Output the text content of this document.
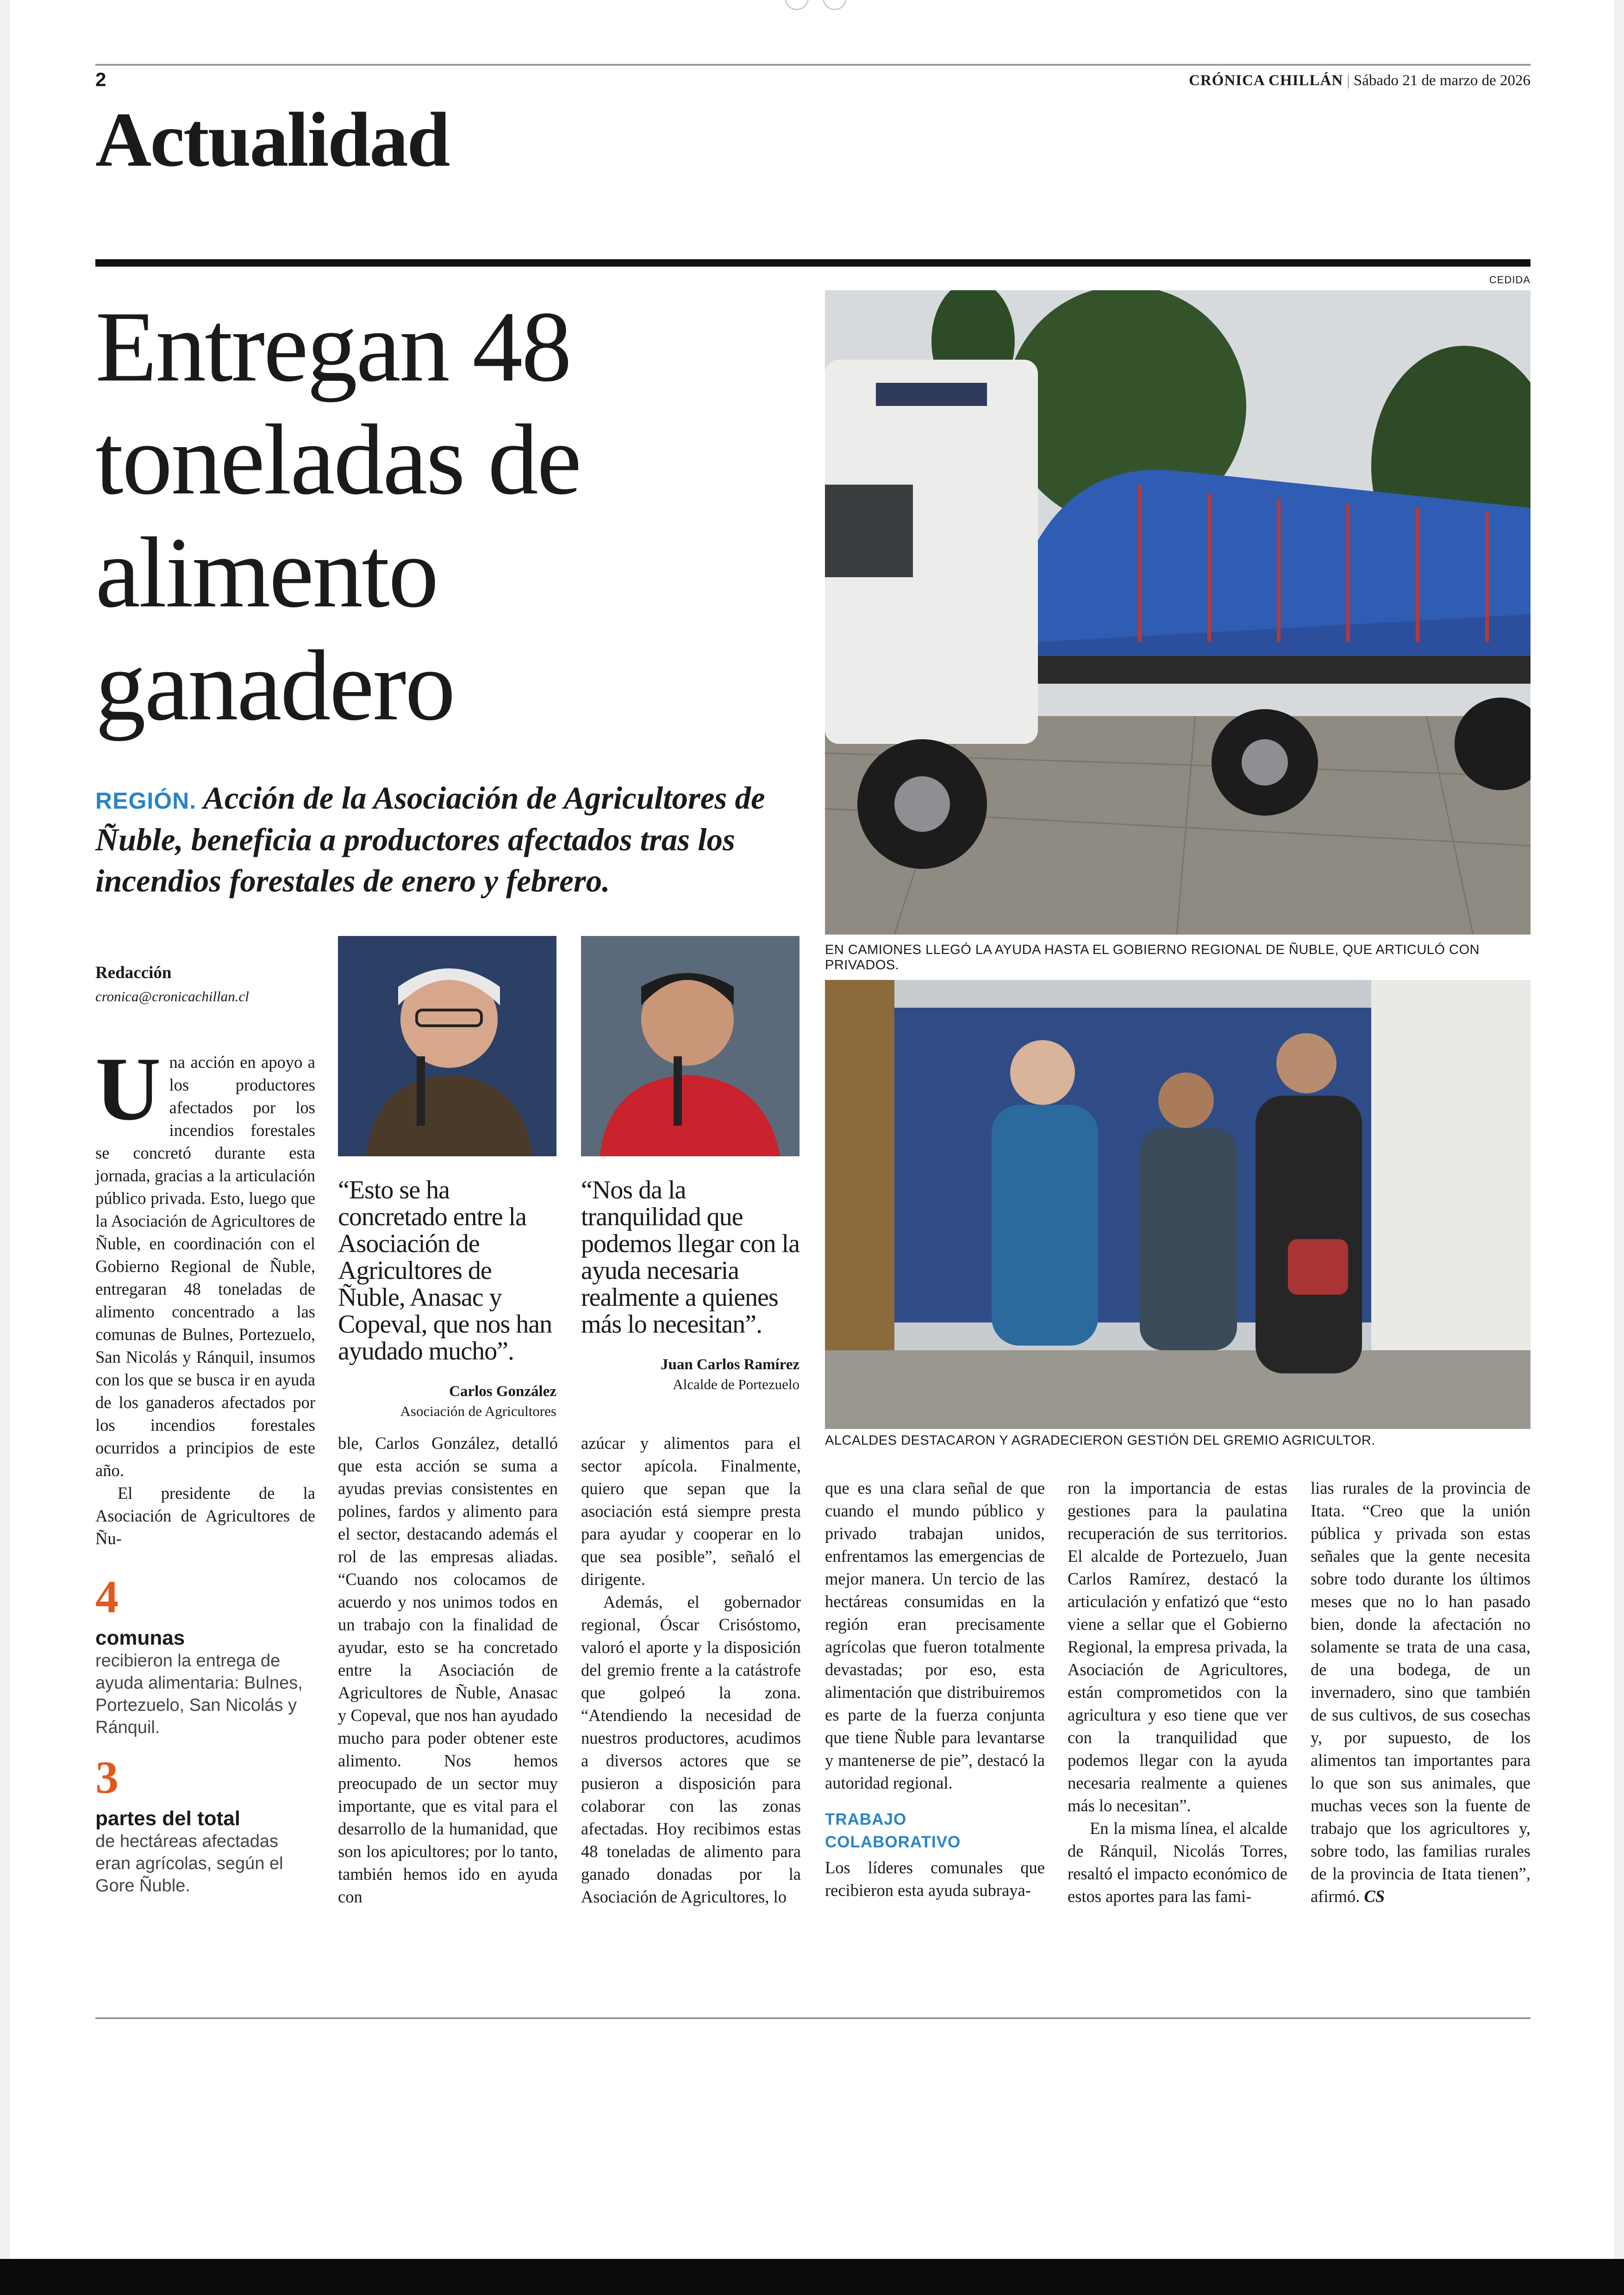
2	CRÓNICA CHILLÁN | Sábado 21 de marzo de 2026
Actualidad
CEDIDA
Entregan 48 toneladas de alimento ganadero
REGIÓN. Acción de la Asociación de Agricultores de Ñuble, beneficia a productores afectados tras los incendios forestales de enero y febrero.
EN CAMIONES LLEGÓ LA AYUDA HASTA EL GOBIERNO REGIONAL DE ÑUBLE, QUE ARTICULÓ CON PRIVADOS.
ALCALDES DESTACARON Y AGRADECIERON GESTIÓN DEL GREMIO AGRICULTOR.
Redacción
cronica@cronicachillan.cl

Una acción en apoyo a los productores afectados por los incendios forestales se concretó durante esta jornada, gracias a la articulación público privada. Esto, luego que la Asociación de Agricultores de Ñuble, en coordinación con el Gobierno Regional de Ñuble, entregaran 48 toneladas de alimento concentrado a las comunas de Bulnes, Portezuelo, San Nicolás y Ránquil, insumos con los que se busca ir en ayuda de los ganaderos afectados por los incendios forestales ocurridos a principios de este año.

El presidente de la Asociación de Agricultores de Ñu-

4
comunas
recibieron la entrega de ayuda alimentaria: Bulnes, Portezuelo, San Nicolás y Ránquil.
3
partes del total
de hectáreas afectadas eran agrícolas, según el Gore Ñuble.
“Esto se ha concretado entre la Asociación de Agricultores de Ñuble, Anasac y Copeval, que nos han ayudado mucho”.
Carlos González
Asociación de Agricultores
“Nos da la tranquilidad que podemos llegar con la ayuda necesaria realmente a quienes más lo necesitan”.
Juan Carlos Ramírez
Alcalde de Portezuelo

ble, Carlos González, detalló que esta acción se suma a ayudas previas consistentes en polines, fardos y alimento para el sector, destacando además el rol de las empresas aliadas. “Cuando nos colocamos de acuerdo y nos unimos todos en un trabajo con la finalidad de ayudar, esto se ha concretado entre la Asociación de Agricultores de Ñuble, Anasac y Copeval, que nos han ayudado mucho para poder obtener este alimento. Nos hemos preocupado de un sector muy importante, que es vital para el desarrollo de la humanidad, que son los apicultores; por lo tanto, también hemos ido en ayuda con

azúcar y alimentos para el sector apícola. Finalmente, quiero que sepan que la asociación está siempre presta para ayudar y cooperar en lo que sea posible”, señaló el dirigente.

Además, el gobernador regional, Óscar Crisóstomo, valoró el aporte y la disposición del gremio frente a la catástrofe que golpeó la zona. “Atendiendo la necesidad de nuestros productores, acudimos a diversos actores que se pusieron a disposición para colaborar con las zonas afectadas. Hoy recibimos estas 48 toneladas de alimento para ganado donadas por la Asociación de Agricultores, lo

que es una clara señal de que cuando el mundo público y privado trabajan unidos, enfrentamos las emergencias de mejor manera. Un tercio de las hectáreas consumidas en la región eran precisamente agrícolas que fueron totalmente devastadas; por eso, esta alimentación que distribuiremos es parte de la fuerza conjunta que tiene Ñuble para levantarse y mantenerse de pie”, destacó la autoridad regional.

TRABAJO COLABORATIVO

Los líderes comunales que recibieron esta ayuda subraya-

ron la importancia de estas gestiones para la paulatina recuperación de sus territorios. El alcalde de Portezuelo, Juan Carlos Ramírez, destacó la articulación y enfatizó que “esto viene a sellar que el Gobierno Regional, la empresa privada, la Asociación de Agricultores, están comprometidos con la agricultura y eso tiene que ver con la tranquilidad que podemos llegar con la ayuda necesaria realmente a quienes más lo necesitan”.

En la misma línea, el alcalde de Ránquil, Nicolás Torres, resaltó el impacto económico de estos aportes para las fami-

lias rurales de la provincia de Itata. “Creo que la unión pública y privada son estas señales que la gente necesita sobre todo durante los últimos meses que no lo han pasado bien, donde la afectación no solamente se trata de una casa, de una bodega, de un invernadero, sino que también de sus cultivos, de sus cosechas y, por supuesto, de los alimentos tan importantes para lo que son sus animales, que muchas veces son la fuente de trabajo que los agricultores y, sobre todo, las familias rurales de la provincia de Itata tienen”, afirmó. CS
